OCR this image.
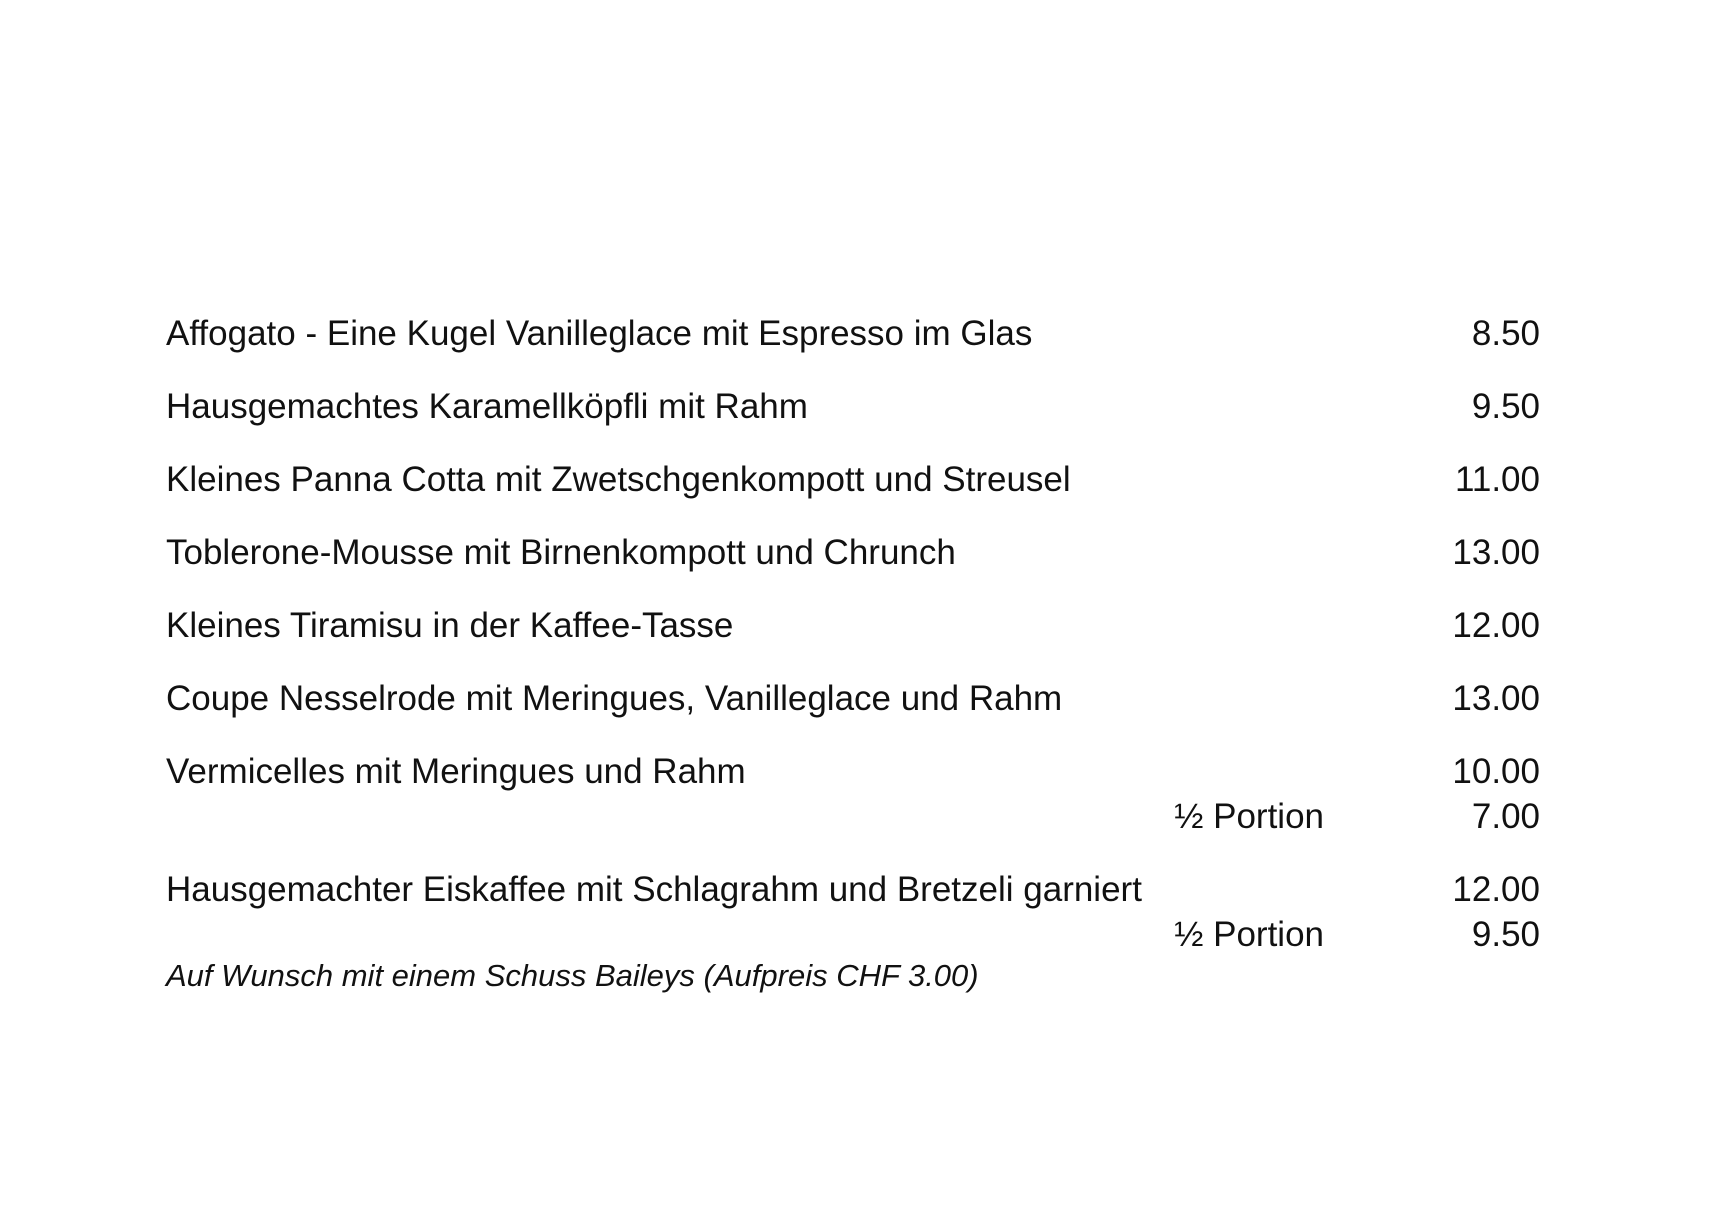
Affogato - Eine Kugel Vanilleglace mit Espresso im Glas	8.50
Hausgemachtes Karamellköpfli mit Rahm	9.50
Kleines Panna Cotta mit Zwetschgenkompott und Streusel	11.00
Toblerone-Mousse mit Birnenkompott und Chrunch	13.00
Kleines Tiramisu in der Kaffee-Tasse	12.00
Coupe Nesselrode mit Meringues, Vanilleglace und Rahm	13.00
Vermicelles mit Meringues und Rahm	10.00
½ Portion	7.00
Hausgemachter Eiskaffee mit Schlagrahm und Bretzeli garniert	12.00
½ Portion	9.50
Auf Wunsch mit einem Schuss Baileys (Aufpreis CHF 3.00)
